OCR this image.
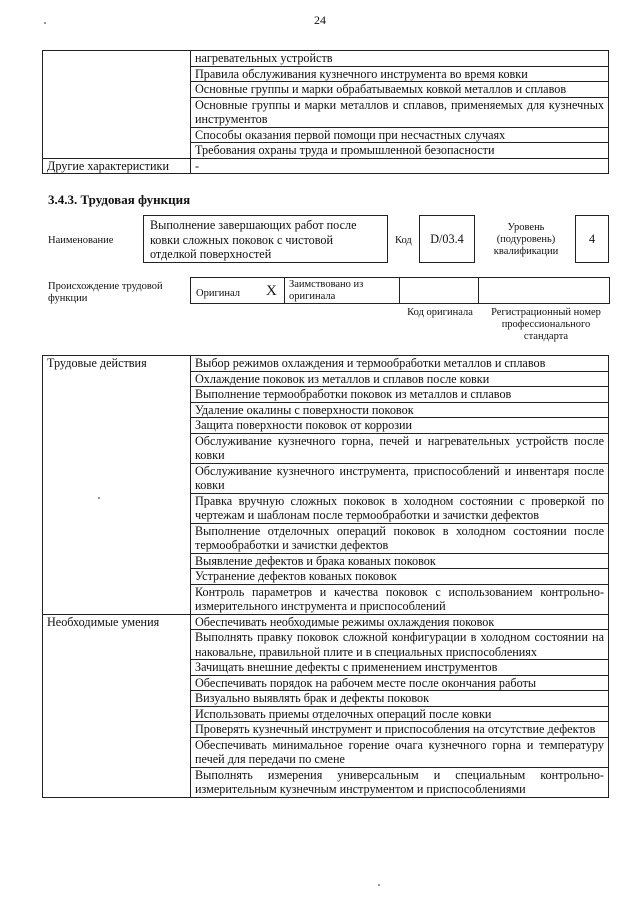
24
	нагревательных устройств
	Правила обслуживания кузнечного инструмента во время ковки
	Основные группы и марки обрабатываемых ковкой металлов и сплавов
	Основные группы и марки металлов и сплавов, применяемых для кузнечных инструментов
	Способы оказания первой помощи при несчастных случаях
	Требования охраны труда и промышленной безопасности
Другие характеристики	-
3.4.3. Трудовая функция
Наименование
Выполнение завершающих работ после ковки сложных поковок с чистовой отделкой поверхностей
Код	D/03.4
Уровень (подуровень) квалификации
4
Происхождение трудовой функции	Оригинал X Заимствовано из оригинала
Код оригинала	Регистрационный номер профессионального стандарта
Трудовые действия	Выбор режимов охлаждения и термообработки металлов и сплавов
	Охлаждение поковок из металлов и сплавов после ковки
	Выполнение термообработки поковок из металлов и сплавов
	Удаление окалины с поверхности поковок
	Защита поверхности поковок от коррозии
	Обслуживание кузнечного горна, печей и нагревательных устройств после ковки
	Обслуживание кузнечного инструмента, приспособлений и инвентаря после ковки
	Правка вручную сложных поковок в холодном состоянии с проверкой по чертежам и шаблонам после термообработки и зачистки дефектов
	Выполнение отделочных операций поковок в холодном состоянии после термообработки и зачистки дефектов
	Выявление дефектов и брака кованых поковок
	Устранение дефектов кованых поковок
	Контроль параметров и качества поковок с использованием контрольно-измерительного инструмента и приспособлений
Необходимые умения	Обеспечивать необходимые режимы охлаждения поковок
	Выполнять правку поковок сложной конфигурации в холодном состоянии на наковальне, правильной плите и в специальных приспособлениях
	Зачищать внешние дефекты с применением инструментов
	Обеспечивать порядок на рабочем месте после окончания работы
	Визуально выявлять брак и дефекты поковок
	Использовать приемы отделочных операций после ковки
	Проверять кузнечный инструмент и приспособления на отсутствие дефектов
	Обеспечивать минимальное горение очага кузнечного горна и температуру печей для передачи по смене
	Выполнять измерения универсальным и специальным контрольно-измерительным кузнечным инструментом и приспособлениями
